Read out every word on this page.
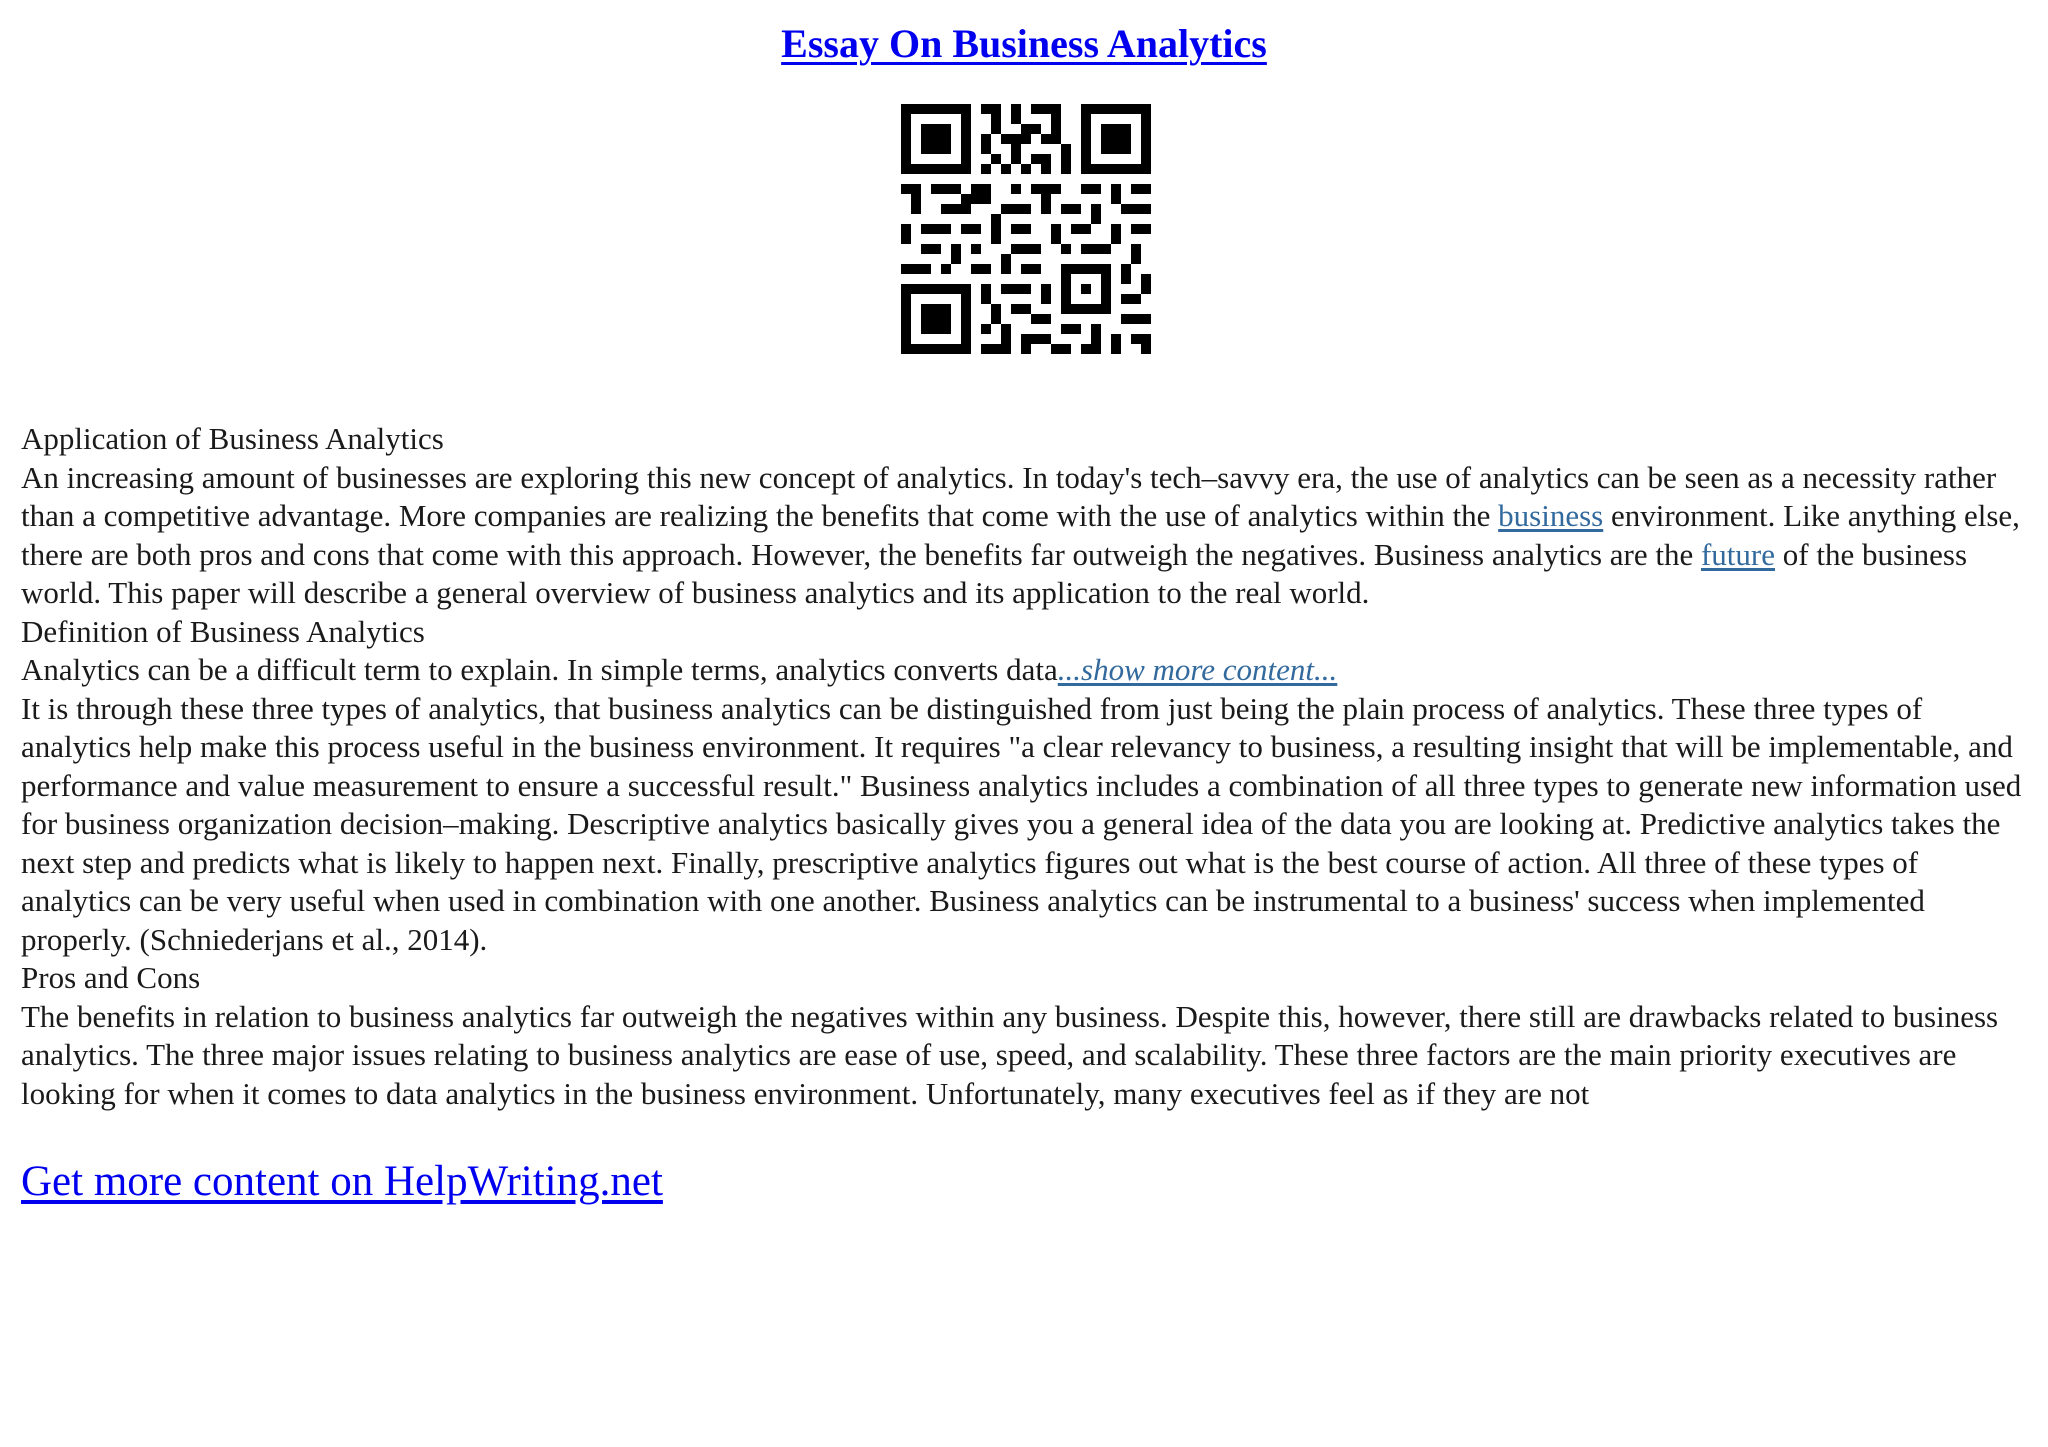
Essay On Business Analytics

Application of Business Analytics

An increasing amount of businesses are exploring this new concept of analytics. In today's tech–savvy era, the use of analytics can be seen as a necessity rather than a competitive advantage. More companies are realizing the benefits that come with the use of analytics within the business environment. Like anything else, there are both pros and cons that come with this approach. However, the benefits far outweigh the negatives. Business analytics are the future of the business world. This paper will describe a general overview of business analytics and its application to the real world.

Definition of Business Analytics

Analytics can be a difficult term to explain. In simple terms, analytics converts data...show more content...

It is through these three types of analytics, that business analytics can be distinguished from just being the plain process of analytics. These three types of analytics help make this process useful in the business environment. It requires "a clear relevancy to business, a resulting insight that will be implementable, and performance and value measurement to ensure a successful result." Business analytics includes a combination of all three types to generate new information used for business organization decision–making. Descriptive analytics basically gives you a general idea of the data you are looking at. Predictive analytics takes the next step and predicts what is likely to happen next. Finally, prescriptive analytics figures out what is the best course of action. All three of these types of analytics can be very useful when used in combination with one another. Business analytics can be instrumental to a business' success when implemented properly. (Schniederjans et al., 2014).

Pros and Cons

The benefits in relation to business analytics far outweigh the negatives within any business. Despite this, however, there still are drawbacks related to business analytics. The three major issues relating to business analytics are ease of use, speed, and scalability. These three factors are the main priority executives are looking for when it comes to data analytics in the business environment. Unfortunately, many executives feel as if they are not

Get more content on HelpWriting.net
